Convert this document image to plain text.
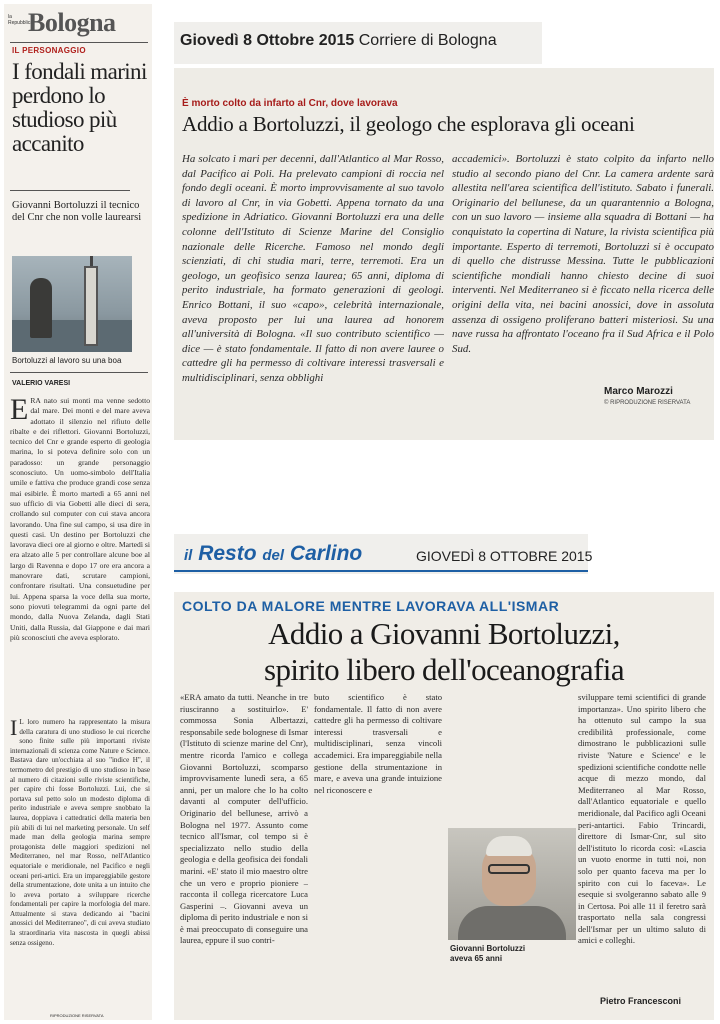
la Repubblica
Bologna
IL PERSONAGGIO
I fondali marini perdono lo studioso più accanito
Giovanni Bortoluzzi il tecnico del Cnr che non volle laurearsi
Bortoluzzi al lavoro su una boa
VALERIO VARESI
ERA nato sui monti ma venne sedotto dal mare. Dei monti e del mare aveva adottato il silenzio nel rifiuto delle ribalte e dei riflettori. Giovanni Bortoluzzi, tecnico del Cnr e grande esperto di geologia marina, lo si poteva definire solo con un paradosso: un grande personaggio sconosciuto. Un uomo-simbolo dell'Italia umile e fattiva che produce grandi cose senza mai esibirle. È morto martedì a 65 anni nel suo ufficio di via Gobetti alle dieci di sera, crollando sul computer con cui stava ancora lavorando. Una fine sul campo, si usa dire in questi casi. Un destino per Bortoluzzi che lavorava dieci ore al giorno e oltre. Martedì si era alzato alle 5 per controllare alcune boe al largo di Ravenna e dopo 17 ore era ancora a manovrare dati, scrutare campioni, confrontare risultati. Una consuetudine per lui. Appena sparsa la voce della sua morte, sono piovuti telegrammi da ogni parte del mondo, dalla Nuova Zelanda, dagli Stati Uniti, dalla Russia, dal Giappone e dai mari più sconosciuti che aveva esplorato.
I L loro numero ha rappresentato la misura della caratura di uno studioso le cui ricerche sono finite sulle più importanti riviste internazionali di scienza come Nature e Science. Bastava dare un'occhiata al suo "indice H", il termometro del prestigio di uno studioso in base al numero di citazioni sulle riviste scientifiche, per capire chi fosse Bortoluzzi. Lui, che si portava sul petto solo un modesto diploma di perito industriale e aveva sempre snobbato la laurea, doppiava i cattedratici della materia ben più abili di lui nel marketing personale. Un self made man della geologia marina sempre protagonista delle maggiori spedizioni nel Mediterraneo, nel mar Rosso, nell'Atlantico equatoriale e meridionale, nel Pacifico e negli oceani peri-artici. Era un impareggiabile gestore della strumentazione, dote unita a un intuito che lo aveva portato a sviluppare ricerche fondamentali per capire la morfologia del mare. Attualmente si stava dedicando ai "bacini anossici del Mediterraneo", di cui aveva studiato la straordinaria vita nascosta in quegli abissi senza ossigeno.
RIPRODUZIONE RISERVATA
Giovedì 8 Ottobre 2015 Corriere di Bologna
È morto colto da infarto al Cnr, dove lavorava
Addio a Bortoluzzi, il geologo che esplorava gli oceani
Ha solcato i mari per decenni, dall'Atlantico al Mar Rosso, dal Pacifico ai Poli. Ha prelevato campioni di roccia nel fondo degli oceani. È morto improvvisamente al suo tavolo di lavoro al Cnr, in via Gobetti. Appena tornato da una spedizione in Adriatico. Giovanni Bortoluzzi era una delle colonne dell'Istituto di Scienze Marine del Consiglio nazionale delle Ricerche. Famoso nel mondo degli scienziati, di chi studia mari, terre, terremoti. Era un geologo, un geofisico senza laurea; 65 anni, diploma di perito industriale, ha formato generazioni di geologi. Enrico Bottani, il suo «capo», celebrità internazionale, aveva proposto per lui una laurea ad honorem all'università di Bologna. «Il suo contributo scientifico — dice — è stato fondamentale. Il fatto di non avere lauree o cattedre gli ha permesso di coltivare interessi trasversali e multidisciplinari, senza obblighi
accademici». Bortoluzzi è stato colpito da infarto nello studio al secondo piano del Cnr. La camera ardente sarà allestita nell'area scientifica dell'istituto. Sabato i funerali. Originario del bellunese, da un quarantennio a Bologna, con un suo lavoro — insieme alla squadra di Bottani — ha conquistato la copertina di Nature, la rivista scientifica più importante. Esperto di terremoti, Bortoluzzi si è occupato di quello che distrusse Messina. Tutte le pubblicazioni scientifiche mondiali hanno chiesto decine di suoi interventi. Nel Mediterraneo si è ficcato nella ricerca delle origini della vita, nei bacini anossici, dove in assoluta assenza di ossigeno proliferano batteri misteriosi. Su una nave russa ha affrontato l'oceano fra il Sud Africa e il Polo Sud.
Marco Marozzi
© RIPRODUZIONE RISERVATA
il Resto del Carlino	GIOVEDÌ 8 OTTOBRE 2015
COLTO DA MALORE MENTRE LAVORAVA ALL'ISMAR
Addio a Giovanni Bortoluzzi,
spirito libero dell'oceanografia
«ERA amato da tutti. Neanche in tre riusciranno a sostituirlo». E' commossa Sonia Albertazzi, responsabile sede bolognese di Ismar (l'Istituto di scienze marine del Cnr), mentre ricorda l'amico e collega Giovanni Bortoluzzi, scomparso improvvisamente lunedì sera, a 65 anni, per un malore che lo ha colto davanti al computer dell'ufficio. Originario del bellunese, arrivò a Bologna nel 1977. Assunto come tecnico all'Ismar, col tempo si è specializzato nello studio della geologia e della geofisica dei fondali marini. «E' stato il mio maestro oltre che un vero e proprio pioniere – racconta il collega ricercatore Luca Gasperini –. Giovanni aveva un diploma di perito industriale e non si è mai preoccupato di conseguire una laurea, eppure il suo contri-
buto scientifico è stato fondamentale. Il fatto di non avere cattedre gli ha permesso di coltivare interessi trasversali e multidisciplinari, senza vincoli accademici. Era impareggiabile nella gestione della strumentazione in mare, e aveva una grande intuizione nel riconoscere e
sviluppare temi scientifici di grande importanza». Uno spirito libero che ha ottenuto sul campo la sua credibilità professionale, come dimostrano le pubblicazioni sulle riviste 'Nature e Science' e le spedizioni scientifiche condotte nelle acque di mezzo mondo, dal Mediterraneo al Mar Rosso, dall'Atlantico equatoriale e quello meridionale, dal Pacifico agli Oceani peri-antartici. Fabio Trincardi, direttore di Ismar-Cnr, sul sito dell'istituto lo ricorda così: «Lascia un vuoto enorme in tutti noi, non solo per quanto faceva ma per lo spirito con cui lo faceva». Le esequie si svolgeranno sabato alle 9 in Certosa. Poi alle 11 il feretro sarà trasportato nella sala congressi dell'Ismar per un ultimo saluto di amici e colleghi.
Giovanni Bortoluzzi
aveva 65 anni
Pietro Francesconi
